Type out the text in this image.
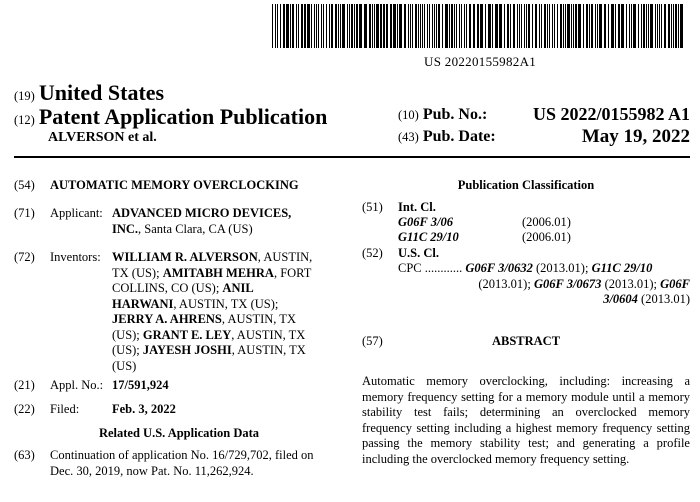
US 20220155982A1
(19) United States
(12) Patent Application Publication
ALVERSON et al.
(10) Pub. No.:	US 2022/0155982 A1
(43) Pub. Date:	May 19, 2022
(54) AUTOMATIC MEMORY OVERCLOCKING
(71) Applicant: ADVANCED MICRO DEVICES,
INC., Santa Clara, CA (US)
(72) Inventors: WILLIAM R. ALVERSON, AUSTIN,
TX (US); AMITABH MEHRA, FORT
COLLINS, CO (US); ANIL
HARWANI, AUSTIN, TX (US);
JERRY A. AHRENS, AUSTIN, TX
(US); GRANT E. LEY, AUSTIN, TX
(US); JAYESH JOSHI, AUSTIN, TX
(US)
(21) Appl. No.: 17/591,924
(22) Filed:	Feb. 3, 2022
Related U.S. Application Data
(63) Continuation of application No. 16/729,702, filed on
Dec. 30, 2019, now Pat. No. 11,262,924.
Publication Classification
(51) Int. Cl.
G06F 3/06	(2006.01)
G11C 29/10	(2006.01)
(52) U.S. Cl.
CPC ............ G06F 3/0632 (2013.01); G11C 29/10
(2013.01); G06F 3/0673 (2013.01); G06F
3/0604 (2013.01)
(57)	ABSTRACT
Automatic memory overclocking, including: increasing a memory frequency setting for a memory module until a memory stability test fails; determining an overclocked memory frequency setting including a highest memory frequency setting passing the memory stability test; and generating a profile including the overclocked memory frequency setting.
